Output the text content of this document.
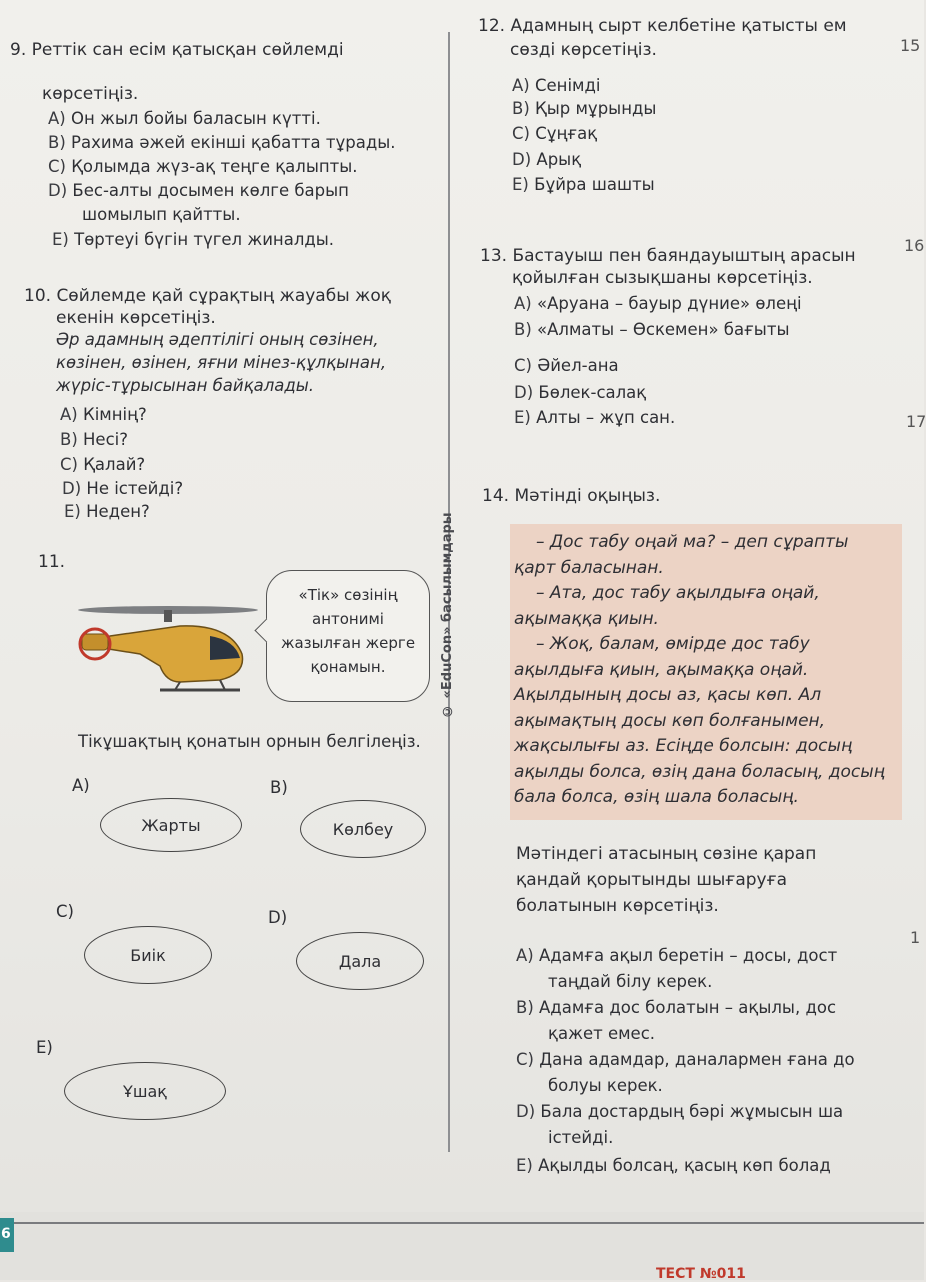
9. Реттік сан есім қатысқан сөйлемді
көрсетіңіз.
A) Он жыл бойы баласын күтті.
B) Рахима әжей екінші қабатта тұрады.
C) Қолымда жүз-ақ теңге қалыпты.
D) Бес-алты досымен көлге барып
шомылып қайтты.
E) Төртеуі бүгін түгел жиналды.
10. Сөйлемде қай сұрақтың жауабы жоқ
екенін көрсетіңіз.
Әр адамның әдептілігі оның сөзінен,
көзінен, өзінен, яғни мінез-құлқынан,
жүріс-тұрысынан байқалады.
A) Кімнің?
B) Несі?
C) Қалай?
D) Не істейді?
E) Неден?
11.
«Тік» сөзінің
антонимі
жазылған жерге
қонамын.
Тікұшақтың қонатын орнын белгілеңіз.
A)
Жарты
B)
Көлбеу
C)
Биік
D)
Дала
E)
Ұшақ
© «EduCon» басылымдары
12. Адамның сырт келбетіне қатысты ем
сөзді көрсетіңіз.
A) Сенімді
B) Қыр мұрынды
C) Сұңғақ
D) Арық
E) Бұйра шашты
13. Бастауыш пен баяндауыштың арасын
қойылған сызықшаны көрсетіңіз.
A) «Аруана – бауыр дүние» өлеңі
B) «Алматы – Өскемен» бағыты
C) Әйел-ана
D) Бөлек-салақ
E) Алты – жұп сан.
14. Мәтінді оқыңыз.
– Дос табу оңай ма? – деп сұрапты
қарт баласынан.
– Ата, дос табу ақылдыға оңай,
ақымаққа қиын.
– Жоқ, балам, өмірде дос табу
ақылдыға қиын, ақымаққа оңай.
Ақылдының досы аз, қасы көп. Ал
ақымақтың досы көп болғанымен,
жақсылығы аз. Есіңде болсын: досың
ақылды болса, өзің дана боласың, досың
бала болса, өзің шала боласың.
Мәтіндегі атасының сөзіне қарап
қандай қорытынды шығаруға
болатынын көрсетіңіз.
A) Адамға ақыл беретін – досы, дост
таңдай білу керек.
B) Адамға дос болатын – ақылы, дос
қажет емес.
C) Дана адамдар, даналармен ғана до
болуы керек.
D) Бала достардың бәрі жұмысын ша
істейді.
E) Ақылды болсаң, қасың көп болад
15
16
17
1
6
ТЕСТ №011
